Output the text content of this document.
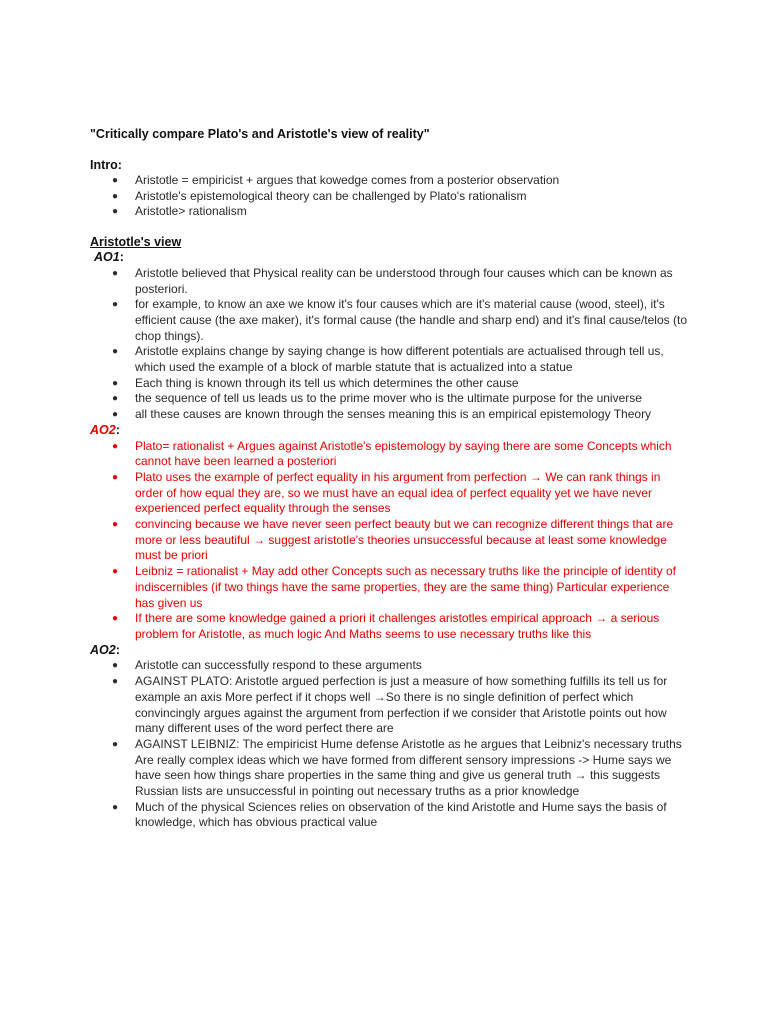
"Critically compare Plato's and Aristotle's view of reality"

Intro:

● Aristotle = empiricist + argues that kowedge comes from a posterior observation
● Aristotle's epistemological theory can be challenged by Plato's rationalism
● Aristotle> rationalism

Aristotle's view

AO1:

● Aristotle believed that Physical reality can be understood through four causes which can be known as posteriori.
● for example, to know an axe we know it's four causes which are it's material cause (wood, steel), it's efficient cause (the axe maker), it's formal cause (the handle and sharp end) and it's final cause/telos (to chop things).
● Aristotle explains change by saying change is how different potentials are actualised through tell us, which used the example of a block of marble statute that is actualized into a statue
● Each thing is known through its tell us which determines the other cause
● the sequence of tell us leads us to the prime mover who is the ultimate purpose for the universe
● all these causes are known through the senses meaning this is an empirical epistemology Theory

AO2:

● Plato= rationalist + Argues against Aristotle's epistemology by saying there are some Concepts which cannot have been learned a posteriori
● Plato uses the example of perfect equality in his argument from perfection → We can rank things in order of how equal they are, so we must have an equal idea of perfect equality yet we have never experienced perfect equality through the senses
● convincing because we have never seen perfect beauty but we can recognize different things that are more or less beautiful → suggest aristotle's theories unsuccessful because at least some knowledge must be priori
● Leibniz = rationalist + May add other Concepts such as necessary truths like the principle of identity of indiscernibles (if two things have the same properties, they are the same thing) Particular experience has given us
● If there are some knowledge gained a priori it challenges aristotles empirical approach → a serious problem for Aristotle, as much logic And Maths seems to use necessary truths like this

AO2:

● Aristotle can successfully respond to these arguments
● AGAINST PLATO: Aristotle argued perfection is just a measure of how something fulfills its tell us for example an axis More perfect if it chops well →So there is no single definition of perfect which convincingly argues against the argument from perfection if we consider that Aristotle points out how many different uses of the word perfect there are
● AGAINST LEIBNIZ: The empiricist Hume defense Aristotle as he argues that Leibniz's necessary truths Are really complex ideas which we have formed from different sensory impressions -> Hume says we have seen how things share properties in the same thing and give us general truth → this suggests Russian lists are unsuccessful in pointing out necessary truths as a prior knowledge
● Much of the physical Sciences relies on observation of the kind Aristotle and Hume says the basis of knowledge, which has obvious practical value
